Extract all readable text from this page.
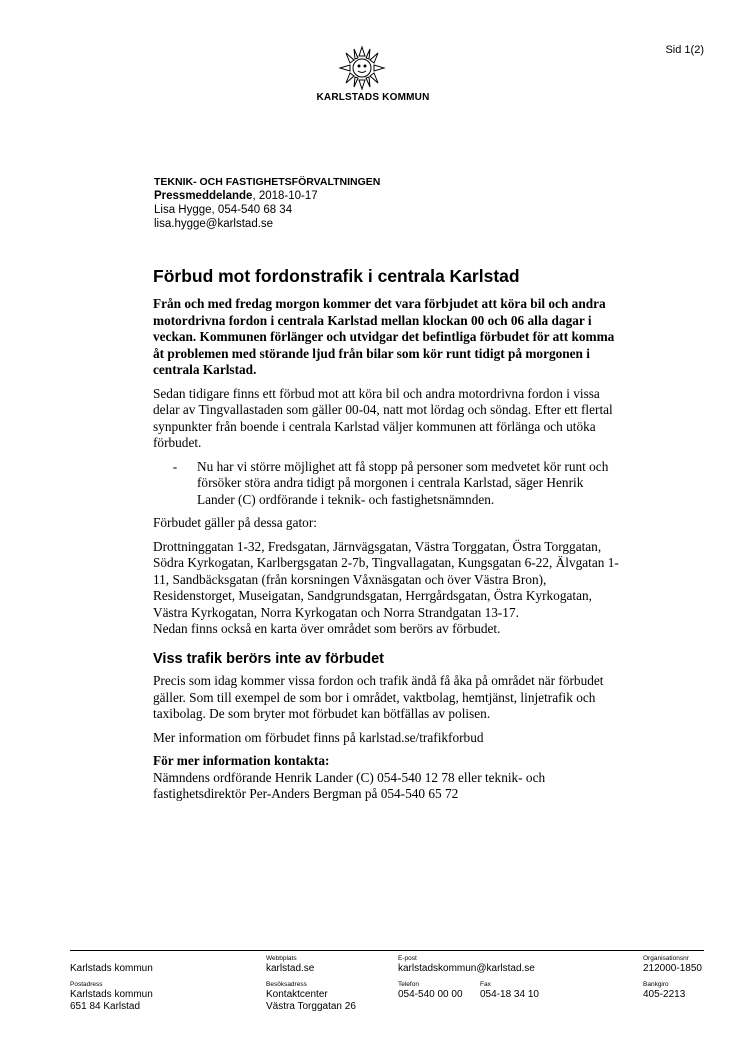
Sid 1(2)
KARLSTADS KOMMUN
TEKNIK- OCH FASTIGHETSFÖRVALTNINGEN
Pressmeddelande, 2018-10-17
Lisa Hygge, 054-540 68 34
lisa.hygge@karlstad.se
Förbud mot fordonstrafik i centrala Karlstad

Från och med fredag morgon kommer det vara förbjudet att köra bil och andra motordrivna fordon i centrala Karlstad mellan klockan 00 och 06 alla dagar i veckan. Kommunen förlänger och utvidgar det befintliga förbudet för att komma åt problemen med störande ljud från bilar som kör runt tidigt på morgonen i centrala Karlstad.

Sedan tidigare finns ett förbud mot att köra bil och andra motordrivna fordon i vissa delar av Tingvallastaden som gäller 00-04, natt mot lördag och söndag. Efter ett flertal synpunkter från boende i centrala Karlstad väljer kommunen att förlänga och utöka förbudet.

-	Nu har vi större möjlighet att få stopp på personer som medvetet kör runt och försöker störa andra tidigt på morgonen i centrala Karlstad, säger Henrik Lander (C) ordförande i teknik- och fastighetsnämnden.

Förbudet gäller på dessa gator:

Drottninggatan 1-32, Fredsgatan, Järnvägsgatan, Västra Torggatan, Östra Torggatan, Södra Kyrkogatan, Karlbergsgatan 2-7b, Tingvallagatan, Kungsgatan 6-22, Älvgatan 1-11, Sandbäcksgatan (från korsningen Våxnäsgatan och över Västra Bron), Residenstorget, Museigatan, Sandgrundsgatan, Herrgårdsgatan, Östra Kyrkogatan, Västra Kyrkogatan, Norra Kyrkogatan och Norra Strandgatan 13-17.

Nedan finns också en karta över området som berörs av förbudet.

Viss trafik berörs inte av förbudet

Precis som idag kommer vissa fordon och trafik ändå få åka på området när förbudet gäller. Som till exempel de som bor i området, vaktbolag, hemtjänst, linjetrafik och taxibolag. De som bryter mot förbudet kan bötfällas av polisen.

Mer information om förbudet finns på karlstad.se/trafikforbud

För mer information kontakta:
Nämndens ordförande Henrik Lander (C) 054-540 12 78 eller teknik- och fastighetsdirektör Per-Anders Bergman på 054-540 65 72
Karlstads kommun
Webbplats
karlstad.se
E-post
karlstadskommun@karlstad.se
Organisationsnr
212000-1850
Postadress
Karlstads kommun
651 84 Karlstad
Besöksadress
Kontaktcenter
Västra Torggatan 26
Telefon
054-540 00 00
Fax
054-18 34 10
Bankgiro
405-2213
